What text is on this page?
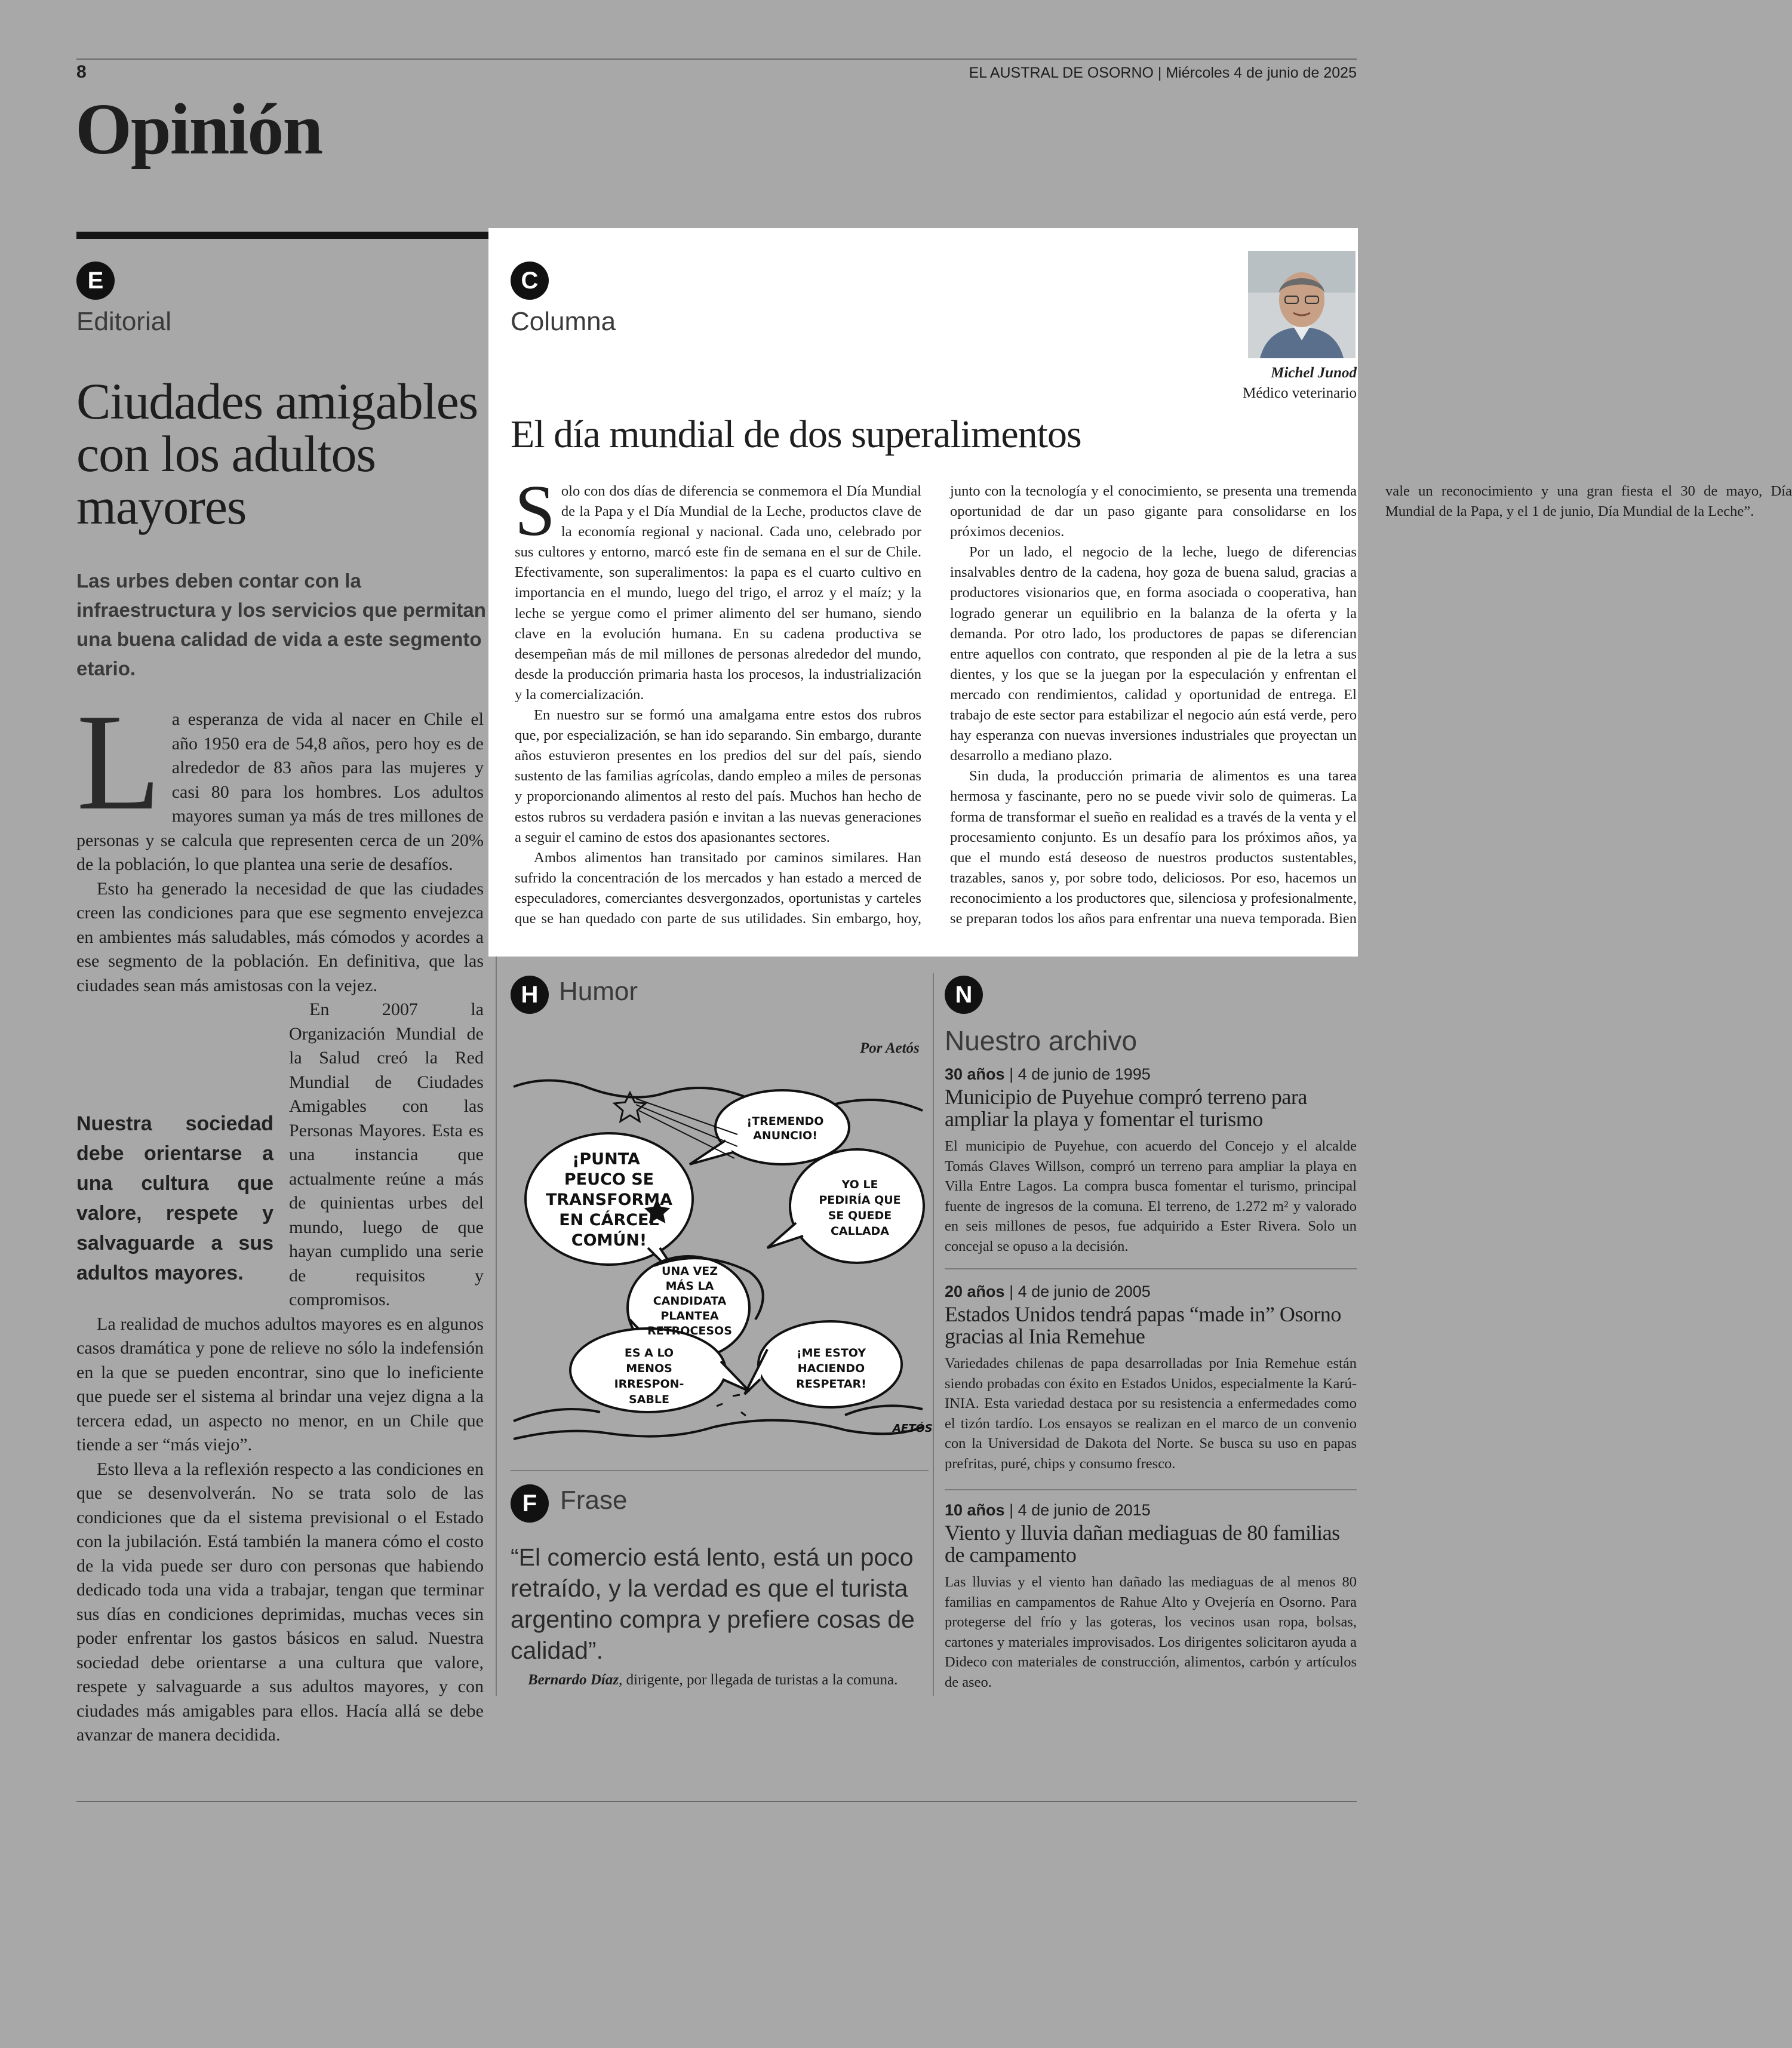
8	EL AUSTRAL DE OSORNO | Miércoles 4 de junio de 2025
Opinión
E
Editorial
Ciudades amigables con los adultos mayores
Las urbes deben contar con la infraestructura y los servicios que permitan una buena calidad de vida a este segmento etario.
L a esperanza de vida al nacer en Chile el año 1950 era de 54,8 años, pero hoy es de alrededor de 83 años para las mujeres y casi 80 para los hombres. Los adultos mayores suman ya más de tres millones de personas y se calcula que representen cerca de un 20% de la población, lo que plantea una serie de desafíos.

Esto ha generado la necesidad de que las ciudades creen las condiciones para que ese segmento envejezca en ambientes más saludables, más cómodos y acordes a ese segmento de la población. En definitiva, que las ciudades sean más amistosas con la vejez.

Nuestra sociedad debe orientarse a una cultura que valore, respete y salvaguarde a sus adultos mayores.

En 2007 la Organización Mundial de la Salud creó la Red Mundial de Ciudades Amigables con las Personas Mayores. Esta es una instancia que actualmente reúne a más de quinientas urbes del mundo, luego de que hayan cumplido una serie de requisitos y compromisos.

La realidad de muchos adultos mayores es en algunos casos dramática y pone de relieve no sólo la indefensión en la que se pueden encontrar, sino que lo ineficiente que puede ser el sistema al brindar una vejez digna a la tercera edad, un aspecto no menor, en un Chile que tiende a ser “más viejo”.

Esto lleva a la reflexión respecto a las condiciones en que se desenvolverán. No se trata solo de las condiciones que da el sistema previsional o el Estado con la jubilación. Está también la manera cómo el costo de la vida puede ser duro con personas que habiendo dedicado toda una vida a trabajar, tengan que terminar sus días en condiciones deprimidas, muchas veces sin poder enfrentar los gastos básicos en salud. Nuestra sociedad debe orientarse a una cultura que valore, respete y salvaguarde a sus adultos mayores, y con ciudades más amigables para ellos. Hacía allá se debe avanzar de manera decidida.

C
Columna
Michel Junod
Médico veterinario
El día mundial de dos superalimentos
S olo con dos días de diferencia se conmemora el Día Mundial de la Papa y el Día Mundial de la Leche, productos clave de la economía regional y nacional. Cada uno, celebrado por sus cultores y entorno, marcó este fin de semana en el sur de Chile. Efectivamente, son superalimentos: la papa es el cuarto cultivo en importancia en el mundo, luego del trigo, el arroz y el maíz; y la leche se yergue como el primer alimento del ser humano, siendo clave en la evolución humana. En su cadena productiva se desempeñan más de mil millones de personas alrededor del mundo, desde la producción primaria hasta los procesos, la industrialización y la comercialización.

En nuestro sur se formó una amalgama entre estos dos rubros que, por especialización, se han ido separando. Sin embargo, durante años estuvieron presentes en los predios del sur del país, siendo sustento de las familias agrícolas, dando empleo a miles de personas y proporcionando alimentos al resto del país. Muchos han hecho de estos rubros su verdadera pasión e invitan a las nuevas generaciones a seguir el camino de estos dos apasionantes sectores.

Ambos alimentos han transitado por caminos similares. Han sufrido la concentración de los mercados y han estado a merced de especuladores, comerciantes desvergonzados, oportunistas y carteles que se han quedado con parte de sus utilidades. Sin embargo, hoy, junto con la tecnología y el conocimiento, se presenta una tremenda oportunidad de dar un paso gigante para consolidarse en los próximos decenios.

Por un lado, el negocio de la leche, luego de diferencias insalvables dentro de la cadena, hoy goza de buena salud, gracias a productores visionarios que, en forma asociada o cooperativa, han logrado generar un equilibrio en la balanza de la oferta y la demanda. Por otro lado, los productores de papas se diferencian entre aquellos con contrato, que responden al pie de la letra a sus dientes, y los que se la juegan por la especulación y enfrentan el mercado con rendimientos, calidad y oportunidad de entrega. El trabajo de este sector para estabilizar el negocio aún está verde, pero hay esperanza con nuevas inversiones industriales que proyectan un desarrollo a mediano plazo.

Sin duda, la producción primaria de alimentos es una tarea hermosa y fascinante, pero no se puede vivir solo de quimeras. La forma de transformar el sueño en realidad es a través de la venta y el procesamiento conjunto. Es un desafío para los próximos años, ya que el mundo está deseoso de nuestros productos sustentables, trazables, sanos y, por sobre todo, deliciosos. Por eso, hacemos un reconocimiento a los productores que, silenciosa y profesionalmente, se preparan todos los años para enfrentar una nueva temporada. Bien vale un reconocimiento y una gran fiesta el 30 de mayo, Día Mundial de la Papa, y el 1 de junio, Día Mundial de la Leche”.

H Humor
Por Aetós
¡PUNTA
PEUCO SE
TRANSFORMA
EN CÁRCEL
COMÚN!
¡TREMENDO
ANUNCIO!
YO LE
PEDIRÍA QUE
SE QUEDE
CALLADA
UNA VEZ
MÁS LA
CANDIDATA
PLANTEA
RETROCESOS
ES A LO
MENOS
IRRESPON-
SABLE
¡ME ESTOY
HACIENDO
RESPETAR!
AETÓS
F Frase
“El comercio está lento, está un poco retraído, y la verdad es que el turista argentino compra y prefiere cosas de calidad”.
Bernardo Díaz, dirigente, por llegada de turistas a la comuna.
N
Nuestro archivo
30 años | 4 de junio de 1995
Municipio de Puyehue compró terreno para ampliar la playa y fomentar el turismo
El municipio de Puyehue, con acuerdo del Concejo y el alcalde Tomás Glaves Willson, compró un terreno para ampliar la playa en Villa Entre Lagos. La compra busca fomentar el turismo, principal fuente de ingresos de la comuna. El terreno, de 1.272 m² y valorado en seis millones de pesos, fue adquirido a Ester Rivera. Solo un concejal se opuso a la decisión.
20 años | 4 de junio de 2005
Estados Unidos tendrá papas “made in” Osorno gracias al Inia Remehue
Variedades chilenas de papa desarrolladas por Inia Remehue están siendo probadas con éxito en Estados Unidos, especialmente la Karú-INIA. Esta variedad destaca por su resistencia a enfermedades como el tizón tardío. Los ensayos se realizan en el marco de un convenio con la Universidad de Dakota del Norte. Se busca su uso en papas prefritas, puré, chips y consumo fresco.
10 años | 4 de junio de 2015
Viento y lluvia dañan mediaguas de 80 familias de campamento
Las lluvias y el viento han dañado las mediaguas de al menos 80 familias en campamentos de Rahue Alto y Ovejería en Osorno. Para protegerse del frío y las goteras, los vecinos usan ropa, bolsas, cartones y materiales improvisados. Los dirigentes solicitaron ayuda a Dideco con materiales de construcción, alimentos, carbón y artículos de aseo.
